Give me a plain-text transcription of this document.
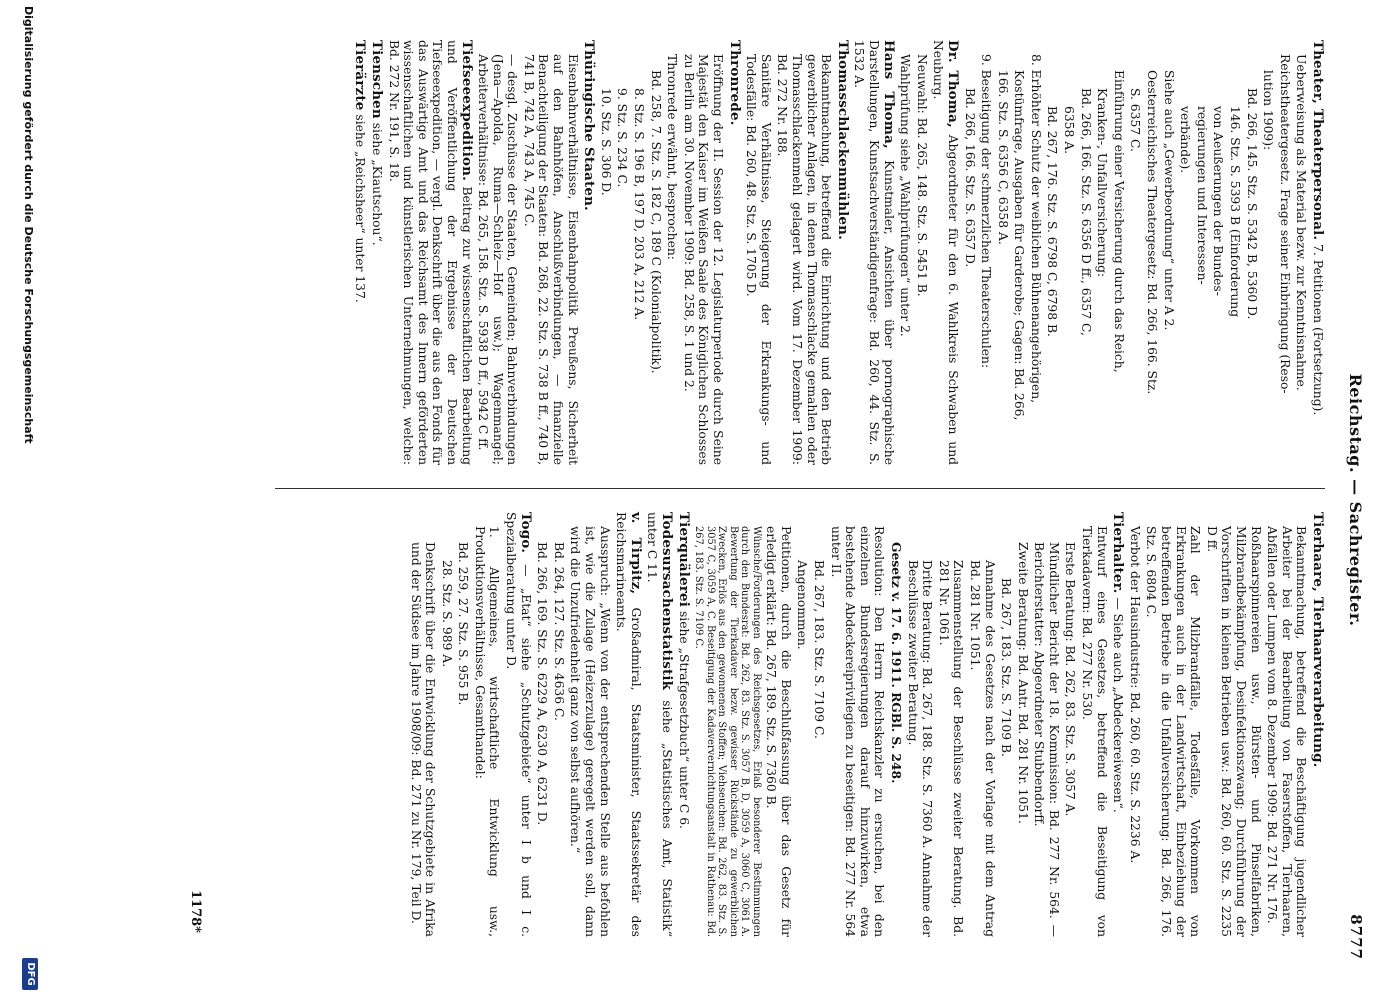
Reichstag. — Sachregister.
8777
Theater, Theaterpersonal. 7. Petitionen (Fortsetzung).
Ueberweisung als Material bezw. zur Kenntnisnahme.
Reichstheatergesetz. Frage seiner Einbringung (Reso-
lution 1909):
Bd. 266, 145. Stz. S. 5342 B, 5360 D.
146. Stz. S. 5393 B (Einforderung
von Aeußerungen der Bundes-
regierungen und Interessen-
verbände).
Siehe auch „Gewerbeordnung“ unter A 2.
Oesterreichisches Theatergesetz: Bd. 266, 166. Stz.
S. 6357 C.
Einführung einer Versicherung durch das Reich,
Kranken-, Unfallversicherung:
Bd. 266, 166. Stz. S. 6356 D ff., 6357 C,
6358 A.
Bd. 267, 176. Stz. S. 6798 C, 6798 B.
8. Erhöhter Schutz der weiblichen Bühnenangehörigen,
Kostümfrage, Ausgaben für Garderobe; Gagen: Bd. 266,
166. Stz. S. 6356 C, 6358 A.
9. Beseitigung der schmerzlichen Theaterschulen:
Bd. 266, 166. Stz. S. 6357 D.
Dr. Thoma, Abgeordneter für den 6. Wahlkreis Schwaben und Neuburg.
Neuwahl: Bd. 265, 148. Stz. S. 5451 B.
Wahlprüfung siehe „Wahlprüfungen“ unter 2.
Hans Thoma, Kunstmaler, Ansichten über pornographische Darstellungen, Kunstsachverständigenfrage: Bd. 260, 44. Stz. S. 1532 A.
Thomasschlackenmühlen.
Bekanntmachung, betreffend die Einrichtung und den Betrieb gewerblicher Anlagen, in denen Thomasschlacke gemahlen oder Thomasschlackenmehl gelagert wird. Vom 17. Dezember 1909: Bd. 272 Nr. 188.
Sanitäre Verhältnisse, Steigerung der Erkrankungs- und Todesfälle: Bd. 260, 48. Stz. S. 1705 D.
Thronrede.
Eröffnung der II. Session der 12. Legislaturperiode durch Seine Majestät den Kaiser im Weißen Saale des Königlichen Schlosses zu Berlin am 30. November 1909: Bd. 258, S. 1 und 2.
Thronrede erwähnt, besprochen:
Bd. 258, 7. Stz. S. 182 C, 189 C (Kolonialpolitik).
8. Stz. S. 196 B, 197 D, 203 A, 212 A.
9. Stz. S. 234 C.
10. Stz. S. 306 D.
Thüringische Staaten.
Eisenbahnverhältnisse, Eisenbahnpolitik Preußens, Sicherheit auf den Bahnhöfen, Anschlußverbindungen, — finanzielle Benachteiligung der Staaten: Bd. 268, 22. Stz. S. 738 B ff., 740 B, 741 B, 742 A, 743 A, 745 C.
— desgl. Zuschüsse der Staaten, Gemeinden; Bahnverbindungen (Jena—Apolda, Ruma—Schleiz—Hof usw.); Wagenmangel; Arbeiterverhältnisse: Bd. 265, 158. Stz. S. 5938 D ff., 5942 C ff.
Tiefseeexpedition. Beitrag zur wissenschaftlichen Bearbeitung und Veröffentlichung der Ergebnisse der Deutschen Tiefseeexpedition, — vergl. Denkschrift über die aus den Fonds für das Auswärtige Amt und das Reichsamt des Innern geförderten wissenschaftlichen und künstlerischen Unternehmungen, welche: Bd. 272 Nr. 191, S. 18.
Tienschen siehe „Kiautschou“.
Tierärzte siehe „Reichsheer“ unter 137.
Tierhaare, Tierhaarverarbeitung.
Bekanntmachung, betreffend die Beschäftigung jugendlicher Arbeiter bei der Bearbeitung von Faserstoffen, Tierhaaren, Abfällen oder Lumpen vom 8. Dezember 1909: Bd. 271 Nr. 176.
Roßhaarspinnereien usw., Bürsten- und Pinselfabriken, Milzbrandbekämpfung, Desinfektionszwang; Durchführung der Vorschriften in kleinen Betrieben usw.: Bd. 260, 60. Stz. S. 2235 D ff.
Zahl der Milzbrandfälle, Todesfälle, Vorkommen von Erkrankungen auch in der Landwirtschaft, Einbeziehung der betreffenden Betriebe in die Unfallversicherung: Bd. 266, 176. Stz. S. 6804 C.
Verbot der Hausindustrie: Bd. 260, 60. Stz. S. 2236 A.
Tierhalter. — Siehe auch „Abdeckereiwesen“.
Entwurf eines Gesetzes, betreffend die Beseitigung von Tierkadavern: Bd. 277 Nr. 530.
Erste Beratung: Bd. 262, 83. Stz. S. 3057 A.
Mündlicher Bericht der 18. Kommission: Bd. 277 Nr. 564. — Berichterstatter: Abgeordneter Stubbendorff.
Zweite Beratung: Bd. Antr. Bd. 281 Nr. 1051.
Bd. 267, 183. Stz. S. 7109 B.
Annahme des Gesetzes nach der Vorlage mit dem Antrag Bd. 281 Nr. 1051.
Zusammenstellung der Beschlüsse zweiter Beratung. Bd. 281 Nr. 1061.
Dritte Beratung: Bd. 267, 188. Stz. S. 7360 A. Annahme der Beschlüsse zweiter Beratung.
Gesetz v. 17. 6. 1911. RGBl. S. 248.
Resolution: Den Herrn Reichskanzler zu ersuchen, bei den einzelnen Bundesregierungen darauf hinzuwirken, etwa bestehende Abdeckereiprivilegien zu beseitigen: Bd. 277 Nr. 564 unter II.
Bd. 267, 183. Stz. S. 7109 C.
Angenommen.
Petitionen, durch die Beschlußfassung über das Gesetz für erledigt erklärt: Bd. 267, 189. Stz. S. 7360 B.
Wünsche/Forderungen des Reichsgesetzes, Erlaß besonderer Bestimmungen durch den Bundesrat: Bd. 262, 83. Stz. S. 3057 B, D, 3059 A, 3060 C, 3061 A. Bewertung der Tierkadaver bezw. gewisser Rückstände zu gewerblichen Zwecken, Erlös aus den gewonnenen Stoffen; Viehseuchen: Bd. 262, 83. Stz. S. 3057 C, 3059 A, C. Beseitigung der Kadaververnichtungsanstalt in Rathenau: Bd. 267, 183. Stz. S. 7109 C.
Tierquälerei siehe „Strafgesetzbuch“ unter C 6.
Todesursachenstatistik siehe „Statistisches Amt, Statistik“ unter C 11.
v. Tirpitz, Großadmiral, Staatsminister, Staatssekretär des Reichsmarineamts.
Ausspruch: „Wenn von der entsprechenden Stelle aus befohlen ist, wie die Zulage (Heizerzulage) geregelt werden soll, dann wird die Unzufriedenheit ganz von selbst aufhören.“
Bd. 264, 127. Stz. S. 4636 C.
Bd. 266, 169. Stz. S. 6229 A, 6230 A, 6231 D.
Togo. — „Etat“ siehe „Schutzgebiete“ unter I b und I c. Spezialberatung unter D.
1. Allgemeines, wirtschaftliche Entwicklung usw., Produktionsverhältnisse, Gesamthandel:
Bd. 259, 27. Stz. S. 955 B.
28. Stz. S. 989 A.
Denkschrift über die Entwicklung der Schutzgebiete in Afrika und der Südsee im Jahre 1908/09: Bd. 271 zu Nr. 179, Teil D.
1178*
Digitalisierung gefördert durch die Deutsche Forschungsgemeinschaft
DFG
